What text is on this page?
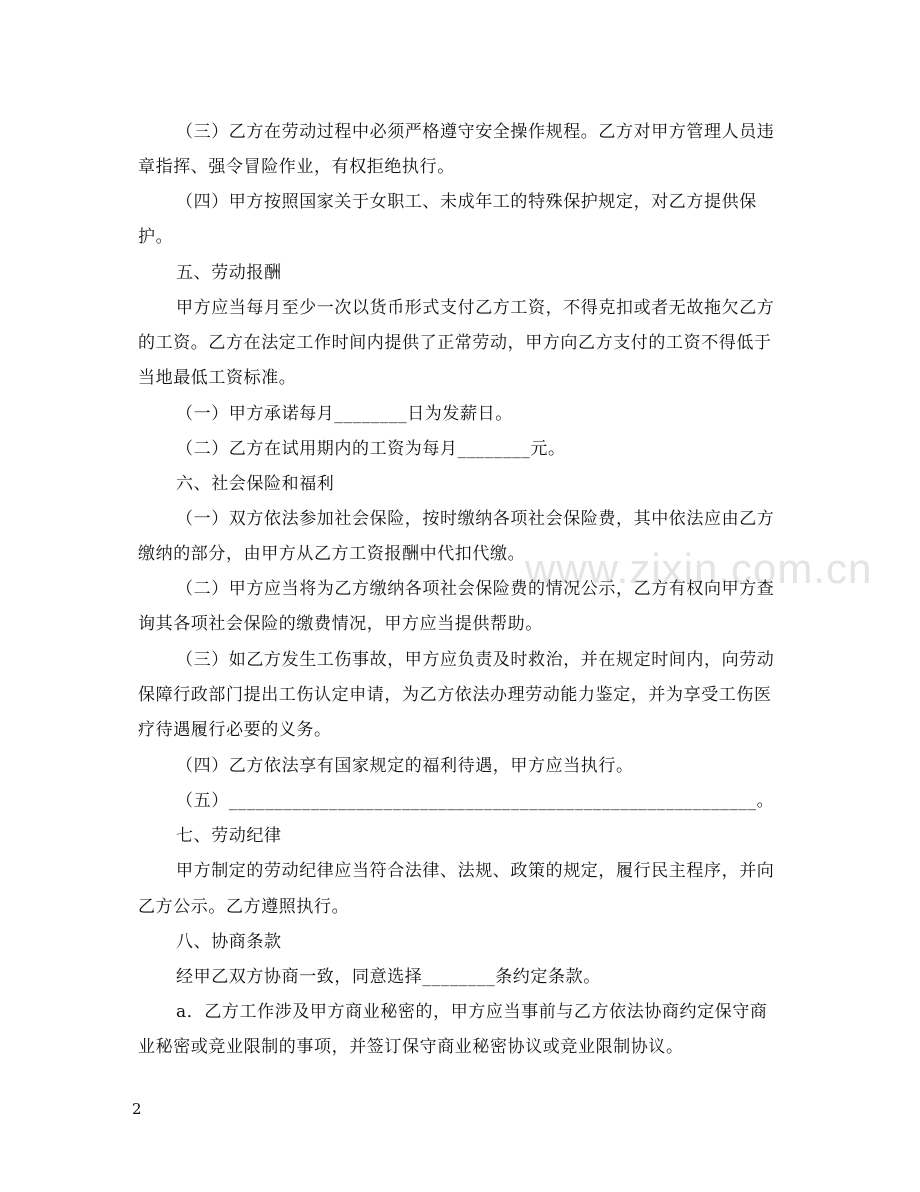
www.zixin.com.cn
（三）乙方在劳动过程中必须严格遵守安全操作规程。乙方对甲方管理人员违
章指挥、强令冒险作业，有权拒绝执行。
（四）甲方按照国家关于女职工、未成年工的特殊保护规定，对乙方提供保
护。
五、劳动报酬
甲方应当每月至少一次以货币形式支付乙方工资，不得克扣或者无故拖欠乙方
的工资。乙方在法定工作时间内提供了正常劳动，甲方向乙方支付的工资不得低于
当地最低工资标准。
（一）甲方承诺每月________日为发薪日。
（二）乙方在试用期内的工资为每月________元。
六、社会保险和福利
（一）双方依法参加社会保险，按时缴纳各项社会保险费，其中依法应由乙方
缴纳的部分，由甲方从乙方工资报酬中代扣代缴。
（二）甲方应当将为乙方缴纳各项社会保险费的情况公示，乙方有权向甲方查
询其各项社会保险的缴费情况，甲方应当提供帮助。
（三）如乙方发生工伤事故，甲方应负责及时救治，并在规定时间内，向劳动
保障行政部门提出工伤认定申请，为乙方依法办理劳动能力鉴定，并为享受工伤医
疗待遇履行必要的义务。
（四）乙方依法享有国家规定的福利待遇，甲方应当执行。
（五）__________________________________________________________。
七、劳动纪律
甲方制定的劳动纪律应当符合法律、法规、政策的规定，履行民主程序，并向
乙方公示。乙方遵照执行。
八、协商条款
经甲乙双方协商一致，同意选择________条约定条款。
a．乙方工作涉及甲方商业秘密的，甲方应当事前与乙方依法协商约定保守商
业秘密或竞业限制的事项，并签订保守商业秘密协议或竞业限制协议。
2
